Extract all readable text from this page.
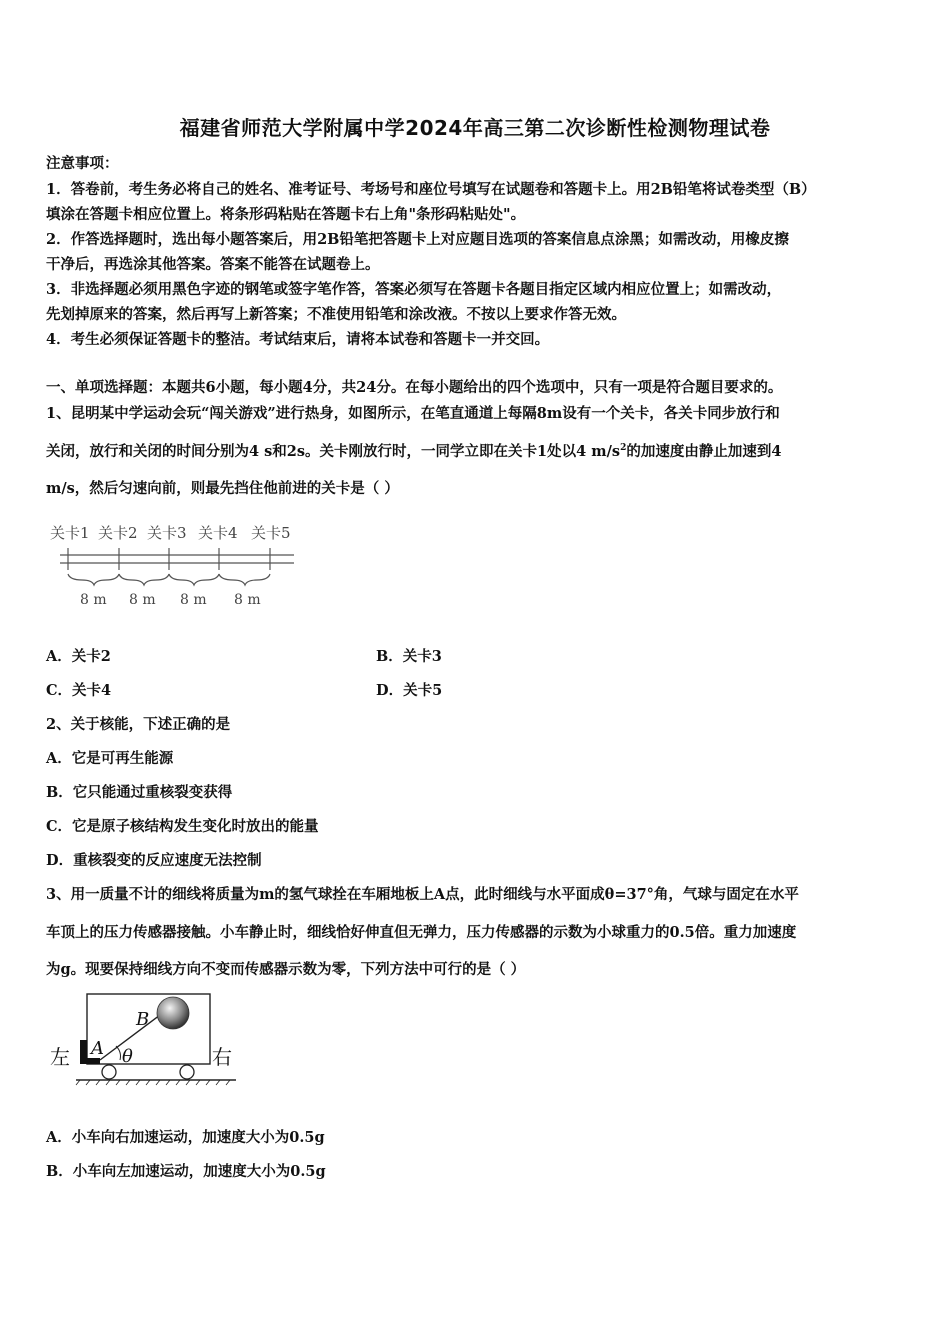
福建省师范大学附属中学2024年高三第二次诊断性检测物理试卷
注意事项：
1．答卷前，考生务必将自己的姓名、准考证号、考场号和座位号填写在试题卷和答题卡上。用2B铅笔将试卷类型（B）
填涂在答题卡相应位置上。将条形码粘贴在答题卡右上角"条形码粘贴处"。
2．作答选择题时，选出每小题答案后，用2B铅笔把答题卡上对应题目选项的答案信息点涂黑；如需改动，用橡皮擦
干净后，再选涂其他答案。答案不能答在试题卷上。
3．非选择题必须用黑色字迹的钢笔或签字笔作答，答案必须写在答题卡各题目指定区域内相应位置上；如需改动，
先划掉原来的答案，然后再写上新答案；不准使用铅笔和涂改液。不按以上要求作答无效。
4．考生必须保证答题卡的整洁。考试结束后，请将本试卷和答题卡一并交回。
一、单项选择题：本题共6小题，每小题4分，共24分。在每小题给出的四个选项中，只有一项是符合题目要求的。
1、昆明某中学运动会玩“闯关游戏”进行热身，如图所示，在笔直通道上每隔8m设有一个关卡，各关卡同步放行和
关闭，放行和关闭的时间分别为4 s和2s。关卡刚放行时，一同学立即在关卡1处以4 $m/s^2$的加速度由静止加速到4
m/s，然后匀速向前，则最先挡住他前进的关卡是（ ）
关卡1 关卡2 关卡3 关卡4 关卡5
8 m 8 m 8 m 8 m
A．关卡2	B．关卡3
C．关卡4	D．关卡5
2、关于核能，下述正确的是
A．它是可再生能源
B．它只能通过重核裂变获得
C．它是原子核结构发生变化时放出的能量
D．重核裂变的反应速度无法控制
3、用一质量不计的细线将质量为m的氢气球拴在车厢地板上A点，此时细线与水平面成θ=37°角，气球与固定在水平
车顶上的压力传感器接触。小车静止时，细线恰好伸直但无弹力，压力传感器的示数为小球重力的0.5倍。重力加速度
为g。现要保持细线方向不变而传感器示数为零，下列方法中可行的是（ ）
左	右
B
A θ
A．小车向右加速运动，加速度大小为0.5g
B．小车向左加速运动，加速度大小为0.5g
